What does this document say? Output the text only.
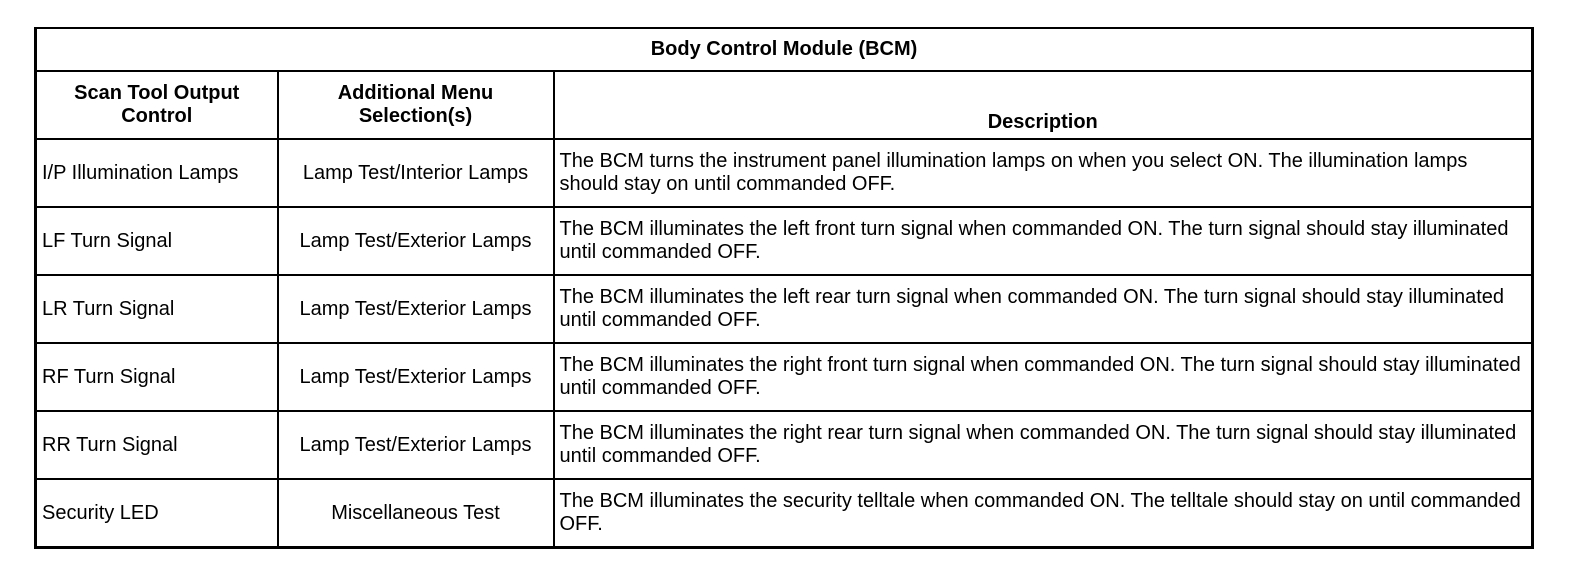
Body Control Module (BCM)		
Scan Tool Output Control	Additional Menu Selection(s)	Description
I/P Illumination Lamps	Lamp Test/Interior Lamps	The BCM turns the instrument panel illumination lamps on when you select ON. The illumination lamps should stay on until commanded OFF.
LF Turn Signal	Lamp Test/Exterior Lamps	The BCM illuminates the left front turn signal when commanded ON. The turn signal should stay illuminated until commanded OFF.
LR Turn Signal	Lamp Test/Exterior Lamps	The BCM illuminates the left rear turn signal when commanded ON. The turn signal should stay illuminated until commanded OFF.
RF Turn Signal	Lamp Test/Exterior Lamps	The BCM illuminates the right front turn signal when commanded ON. The turn signal should stay illuminated until commanded OFF.
RR Turn Signal	Lamp Test/Exterior Lamps	The BCM illuminates the right rear turn signal when commanded ON. The turn signal should stay illuminated until commanded OFF.
Security LED	Miscellaneous Test	The BCM illuminates the security telltale when commanded ON. The telltale should stay on until commanded OFF.
